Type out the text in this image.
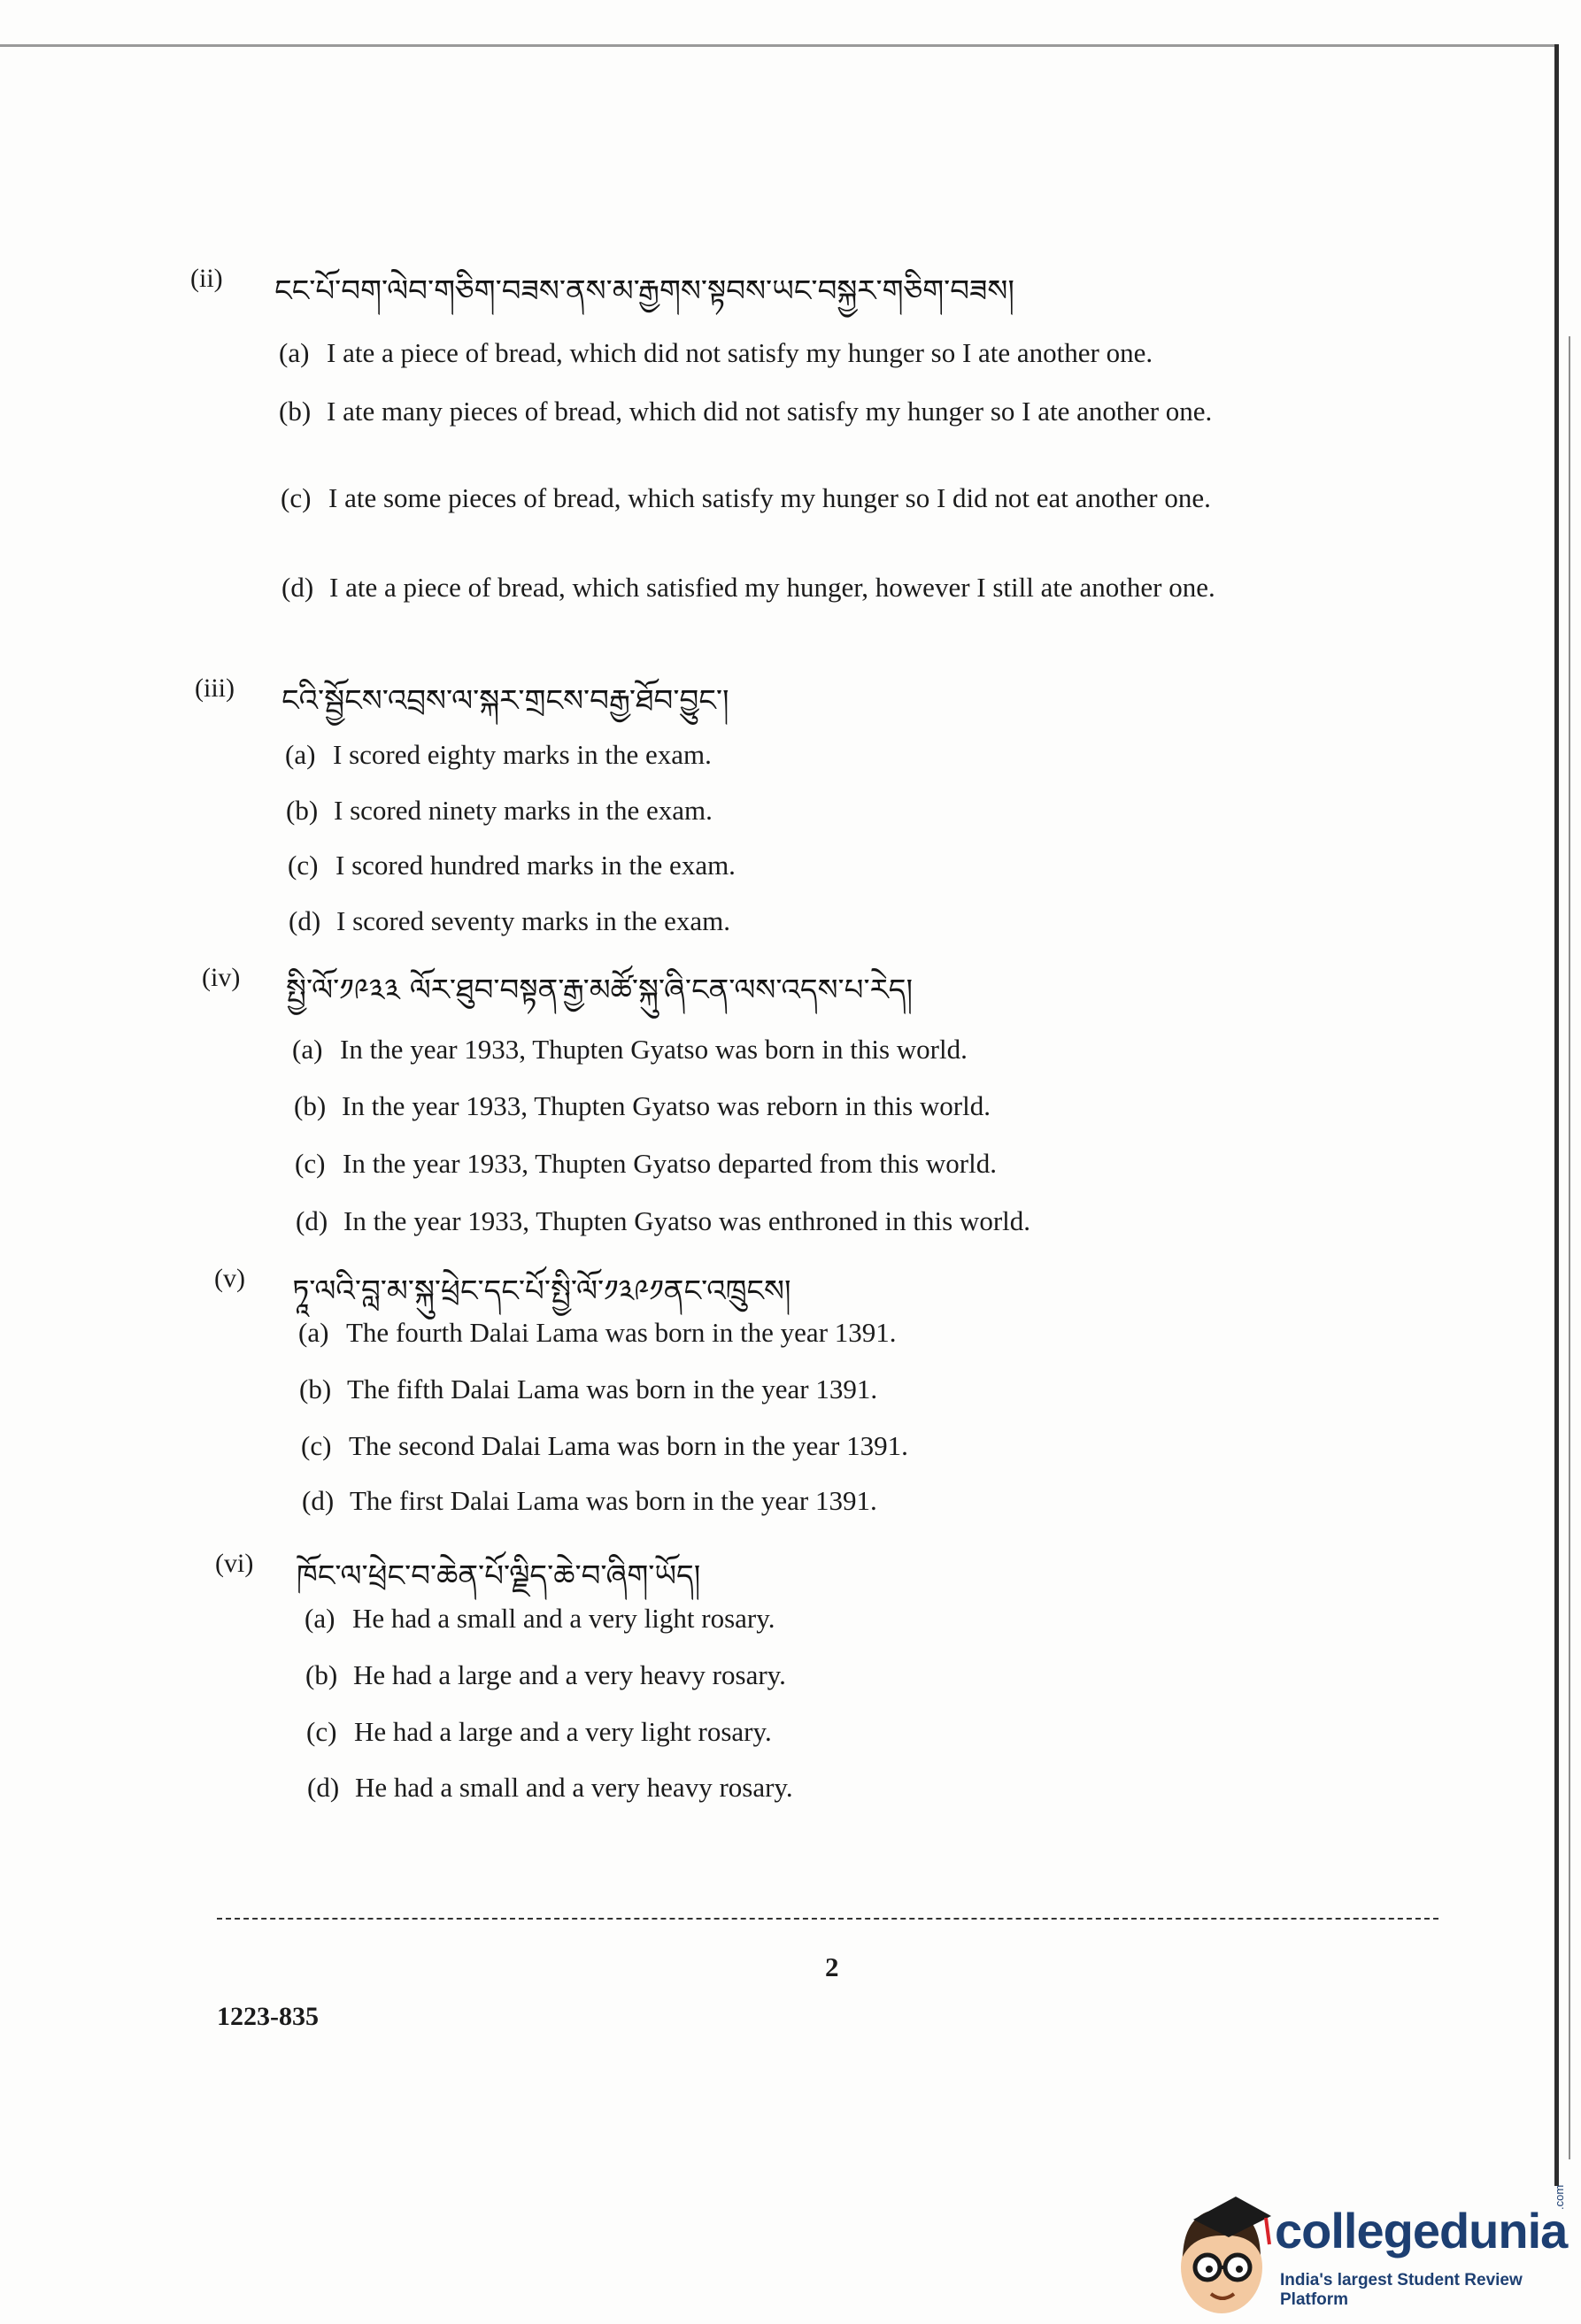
(ii) ངང་པོ་བག་ལེབ་གཅིག་བཟས་ནས་མ་རྒྱགས་སྟབས་ཡང་བསྐྱར་གཅིག་བཟས།
(a) I ate a piece of bread, which did not satisfy my hunger so I ate another one.
(b) I ate many pieces of bread, which did not satisfy my hunger so I ate another one.
(c) I ate some pieces of bread, which satisfy my hunger so I did not eat another one.
(d) I ate a piece of bread, which satisfied my hunger, however I still ate another one.
(iii) ངའི་སྦྱོངས་འབྲས་ལ་སྐར་གྲངས་བརྒྱ་ཐོབ་བྱུང་།
(a) I scored eighty marks in the exam.
(b) I scored ninety marks in the exam.
(c) I scored hundred marks in the exam.
(d) I scored seventy marks in the exam.
(iv) སྤྱི་ལོ་༡༩༣༣ ལོར་ཐུབ་བསྟན་རྒྱ་མཚོ་སྐུ་ཞི་ངན་ལས་འདས་པ་རེད།
(a) In the year 1933, Thupten Gyatso was born in this world.
(b) In the year 1933, Thupten Gyatso was reborn in this world.
(c) In the year 1933, Thupten Gyatso departed from this world.
(d) In the year 1933, Thupten Gyatso was enthroned in this world.
(v) ཏཱ་ལའི་བླ་མ་སྐུ་ཕྲེང་དང་པོ་སྤྱི་ལོ་༡༣༩༡ནང་འཁྲུངས།
(a) The fourth Dalai Lama was born in the year 1391.
(b) The fifth Dalai Lama was born in the year 1391.
(c) The second Dalai Lama was born in the year 1391.
(d) The first Dalai Lama was born in the year 1391.
(vi) ཁོང་ལ་ཕྲེང་བ་ཆེན་པོ་ལྗིད་ཆེ་བ་ཞིག་ཡོད།
(a) He had a small and a very light rosary.
(b) He had a large and a very heavy rosary.
(c) He had a large and a very light rosary.
(d) He had a small and a very heavy rosary.
2
1223-835
collegedunia
.com
India's largest Student Review Platform
